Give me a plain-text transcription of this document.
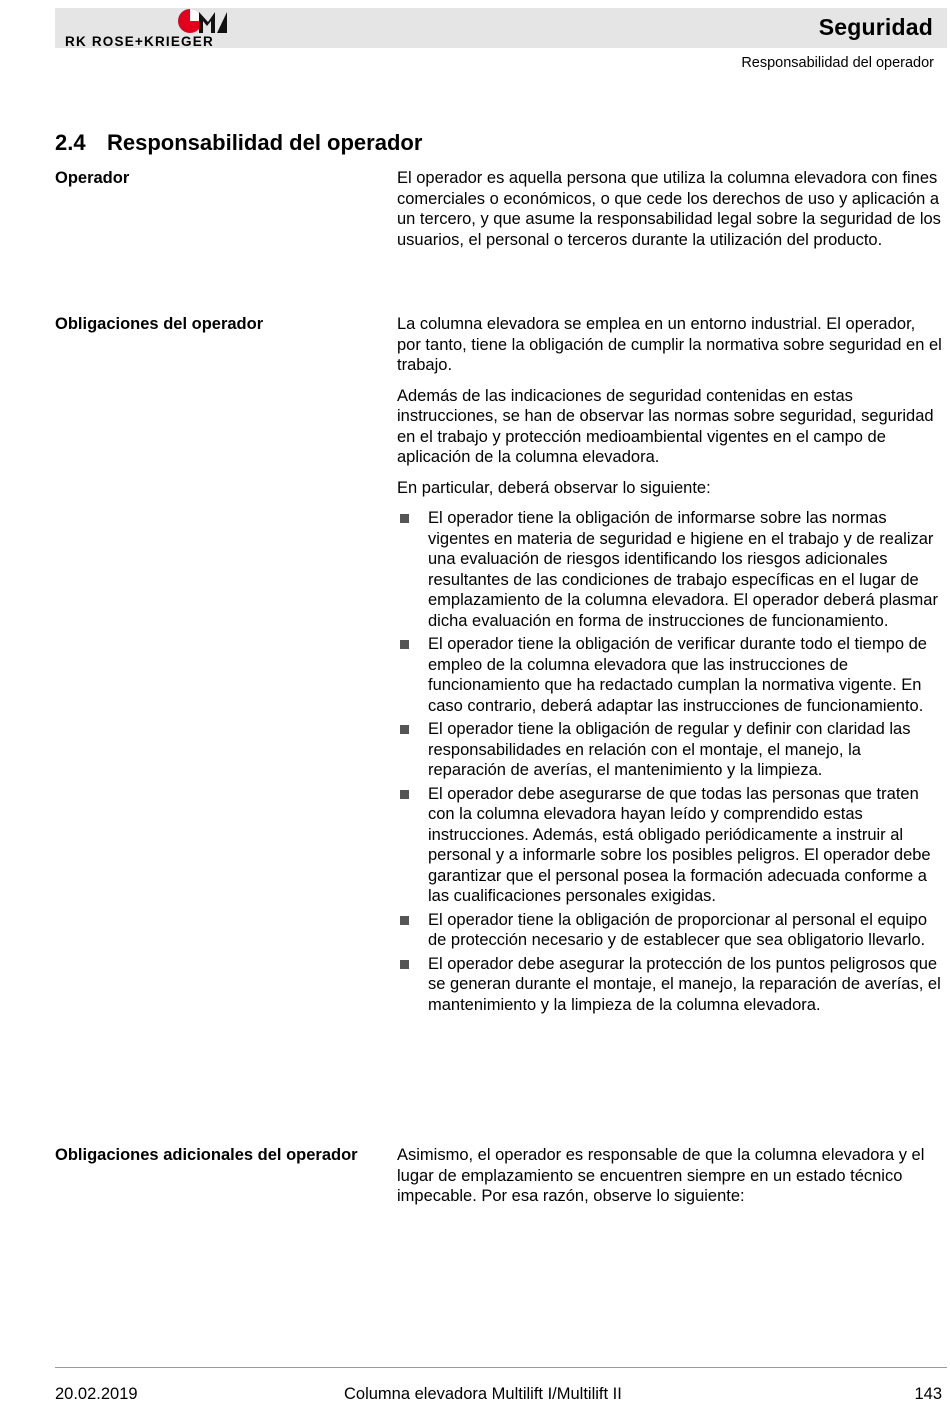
Seguridad
RK ROSE+KRIEGER
Responsabilidad del operador
2.4 Responsabilidad del operador
Operador	El operador es aquella persona que utiliza la columna elevadora con fines comerciales o económicos, o que cede los derechos de uso y aplicación a un tercero, y que asume la responsabilidad legal sobre la seguridad de los usuarios, el personal o terceros durante la utilización del producto.

Obligaciones del operador	La columna elevadora se emplea en un entorno industrial. El operador, por tanto, tiene la obligación de cumplir la normativa sobre seguridad en el trabajo.

Además de las indicaciones de seguridad contenidas en estas instrucciones, se han de observar las normas sobre seguridad, seguridad en el trabajo y protección medioambiental vigentes en el campo de aplicación de la columna elevadora.

En particular, deberá observar lo siguiente:

El operador tiene la obligación de informarse sobre las normas vigentes en materia de seguridad e higiene en el trabajo y de realizar una evaluación de riesgos identificando los riesgos adicionales resultantes de las condiciones de trabajo específicas en el lugar de emplazamiento de la columna elevadora. El operador deberá plasmar dicha evaluación en forma de instrucciones de funcionamiento.
El operador tiene la obligación de verificar durante todo el tiempo de empleo de la columna elevadora que las instrucciones de funcionamiento que ha redactado cumplan la normativa vigente. En caso contrario, deberá adaptar las instrucciones de funcionamiento.
El operador tiene la obligación de regular y definir con claridad las responsabilidades en relación con el montaje, el manejo, la reparación de averías, el mantenimiento y la limpieza.
El operador debe asegurarse de que todas las personas que traten con la columna elevadora hayan leído y comprendido estas instrucciones. Además, está obligado periódicamente a instruir al personal y a informarle sobre los posibles peligros. El operador debe garantizar que el personal posea la formación adecuada conforme a las cualificaciones personales exigidas.
El operador tiene la obligación de proporcionar al personal el equipo de protección necesario y de establecer que sea obligatorio llevarlo.
El operador debe asegurar la protección de los puntos peligrosos que se generan durante el montaje, el manejo, la reparación de averías, el mantenimiento y la limpieza de la columna elevadora.
Obligaciones adicionales del operador	Asimismo, el operador es responsable de que la columna elevadora y el lugar de emplazamiento se encuentren siempre en un estado técnico impecable. Por esa razón, observe lo siguiente:

20.02.2019	Columna elevadora Multilift I/Multilift II	143
